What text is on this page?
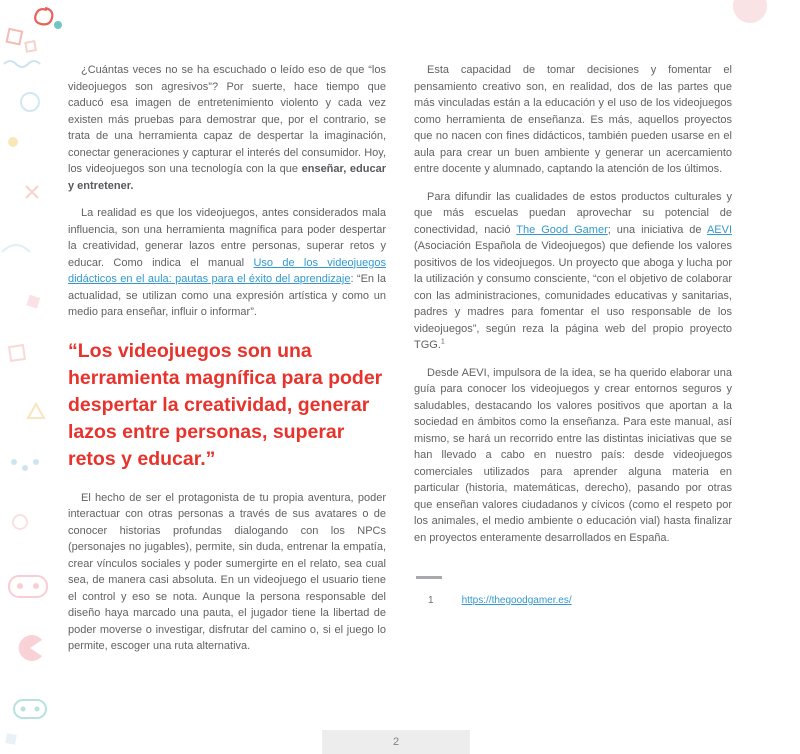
¿Cuántas veces no se ha escuchado o leído eso de que “los videojuegos son agresivos”? Por suerte, hace tiempo que caducó esa imagen de entretenimiento violento y cada vez existen más pruebas para demostrar que, por el contrario, se trata de una herramienta capaz de despertar la imaginación, conectar generaciones y capturar el interés del consumidor. Hoy, los videojuegos son una tecnología con la que enseñar, educar y entretener.

La realidad es que los videojuegos, antes considerados mala influencia, son una herramienta magnífica para poder despertar la creatividad, generar lazos entre personas, superar retos y educar. Como indica el manual Uso de los videojuegos didácticos en el aula: pautas para el éxito del aprendizaje: “En la actualidad, se utilizan como una expresión artística y como un medio para enseñar, influir o informar”.

“Los videojuegos son una herramienta magnífica para poder despertar la creatividad, generar lazos entre personas, superar retos y educar.”

El hecho de ser el protagonista de tu propia aventura, poder interactuar con otras personas a través de sus avatares o de conocer historias profundas dialogando con los NPCs (personajes no jugables), permite, sin duda, entrenar la empatía, crear vínculos sociales y poder sumergirte en el relato, sea cual sea, de manera casi absoluta. En un videojuego el usuario tiene el control y eso se nota. Aunque la persona responsable del diseño haya marcado una pauta, el jugador tiene la libertad de poder moverse o investigar, disfrutar del camino o, si el juego lo permite, escoger una ruta alternativa.

Esta capacidad de tomar decisiones y fomentar el pensamiento creativo son, en realidad, dos de las partes que más vinculadas están a la educación y el uso de los videojuegos como herramienta de enseñanza. Es más, aquellos proyectos que no nacen con fines didácticos, también pueden usarse en el aula para crear un buen ambiente y generar un acercamiento entre docente y alumnado, captando la atención de los últimos.

Para difundir las cualidades de estos productos culturales y que más escuelas puedan aprovechar su potencial de conectividad, nació The Good Gamer; una iniciativa de AEVI (Asociación Española de Videojuegos) que defiende los valores positivos de los videojuegos. Un proyecto que aboga y lucha por la utilización y consumo consciente, “con el objetivo de colaborar con las administraciones, comunidades educativas y sanitarias, padres y madres para fomentar el uso responsable de los videojuegos”, según reza la página web del propio proyecto TGG.$^1$

Desde AEVI, impulsora de la idea, se ha querido elaborar una guía para conocer los videojuegos y crear entornos seguros y saludables, destacando los valores positivos que aportan a la sociedad en ámbitos como la enseñanza. Para este manual, así mismo, se hará un recorrido entre las distintas iniciativas que se han llevado a cabo en nuestro país: desde videojuegos comerciales utilizados para aprender alguna materia en particular (historia, matemáticas, derecho), pasando por otras que enseñan valores ciudadanos y cívicos (como el respeto por los animales, el medio ambiente o educación vial) hasta finalizar en proyectos enteramente desarrollados en España.

1	https://thegoodgamer.es/
2
